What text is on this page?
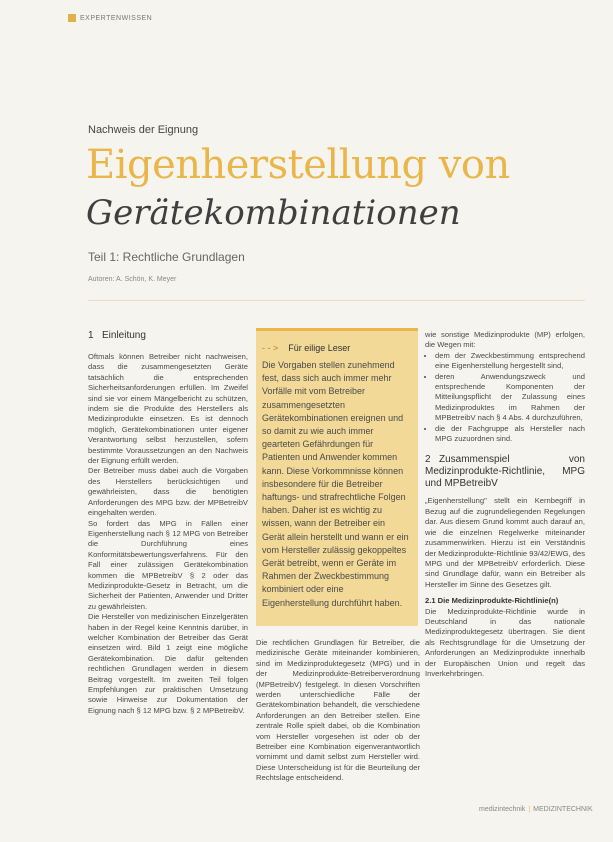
EXPERTENWISSEN
Nachweis der Eignung
Eigenherstellung von
Gerätekombinationen
Teil 1: Rechtliche Grundlagen
Autoren: A. Schön, K. Meyer
1 Einleitung
Oftmals können Betreiber nicht nachweisen, dass die zusammengesetzten Geräte tatsächlich die entsprechenden Sicherheitsanforderungen erfüllen. Im Zweifel sind sie vor einem Mängelbericht zu schützen, indem sie die Produkte des Herstellers als Medizinprodukte einsetzen. Es ist dennoch möglich, Gerätekombinationen unter eigener Verantwortung selbst herzustellen, sofern bestimmte Voraussetzungen an den Nachweis der Eignung erfüllt werden.
Der Betreiber muss dabei auch die Vorgaben des Herstellers berücksichtigen und gewährleisten, dass die benötigten Anforderungen des MPG bzw. der MPBetreibV eingehalten werden.
So fordert das MPG in Fällen einer Eigenherstellung nach § 12 MPG von Betreiber die Durchführung eines Konformitätsbewertungsverfahrens. Für den Fall einer zulässigen Gerätekombination kommen die MPBetreibV § 2 oder das Medizinprodukte-Gesetz in Betracht, um die Sicherheit der Patienten, Anwender und Dritter zu gewährleisten.
Die Hersteller von medizinischen Einzelgeräten haben in der Regel keine Kenntnis darüber, in welcher Kombination der Betreiber das Gerät einsetzen wird. Bild 1 zeigt eine mögliche Gerätekombination. Die dafür geltenden rechtlichen Grundlagen werden in diesem Beitrag vorgestellt. Im zweiten Teil folgen Empfehlungen zur praktischen Umsetzung sowie Hinweise zur Dokumentation der Eignung nach § 12 MPG bzw. § 2 MPBetreibV.
- - > Für eilige Leser
Die Vorgaben stellen zunehmend fest, dass sich auch immer mehr Vorfälle mit vom Betreiber zusammengesetzten Gerätekombinationen ereignen und so damit zu wie auch immer gearteten Gefährdungen für Patienten und Anwender kommen kann. Diese Vorkommnisse können insbesondere für die Betreiber haftungs- und strafrechtliche Folgen haben. Daher ist es wichtig zu wissen, wann der Betreiber ein Gerät allein herstellt und wann er ein vom Hersteller zulässig gekoppeltes Gerät betreibt, wenn er Geräte im Rahmen der Zweckbestimmung kombiniert oder eine Eigenherstellung durchführt haben.
Die rechtlichen Grundlagen für Betreiber, die medizinische Geräte miteinander kombinieren, sind im Medizinproduktegesetz (MPG) und in der Medizinprodukte-Betreiberverordnung (MPBetreibV) festgelegt. In diesen Vorschriften werden unterschiedliche Fälle der Gerätekombination behandelt, die verschiedene Anforderungen an den Betreiber stellen. Eine zentrale Rolle spielt dabei, ob die Kombination vom Hersteller vorgesehen ist oder ob der Betreiber eine Kombination eigenverantwortlich vornimmt und damit selbst zum Hersteller wird. Diese Unterscheidung ist für die Beurteilung der Rechtslage entscheidend.
wie sonstige Medizinprodukte (MP) erfolgen, die Wegen mit:
• dem der Zweckbestimmung entsprechend eine Eigenherstellung hergestellt sind,
• deren Anwendungszweck und entsprechende Komponenten der Mitteilungspflicht der Zulassung eines Medizinproduktes im Rahmen der MPBetreibV nach § 4 Abs. 4 durchzuführen,
• die der Fachgruppe als Hersteller nach MPG zuzuordnen sind.
2 Zusammenspiel von Medizinprodukte-Richtlinie, MPG und MPBetreibV
„Eigenherstellung" stellt ein Kernbegriff in Bezug auf die zugrundeliegenden Regelungen dar. Aus diesem Grund kommt auch darauf an, wie die einzelnen Regelwerke miteinander zusammenwirken. Hierzu ist ein Verständnis der Medizinprodukte-Richtlinie 93/42/EWG, des MPG und der MPBetreibV erforderlich. Diese sind Grundlage dafür, wann ein Betreiber als Hersteller im Sinne des Gesetzes gilt.
2.1 Die Medizinprodukte-Richtlinie(n)
Die Medizinprodukte-Richtlinie wurde in Deutschland in das nationale Medizinproduktegesetz übertragen. Sie dient als Rechtsgrundlage für die Umsetzung der Anforderungen an Medizinprodukte innerhalb der Europäischen Union und regelt das Inverkehrbringen.
medizintechnik | MEDIZINTECHNIK
